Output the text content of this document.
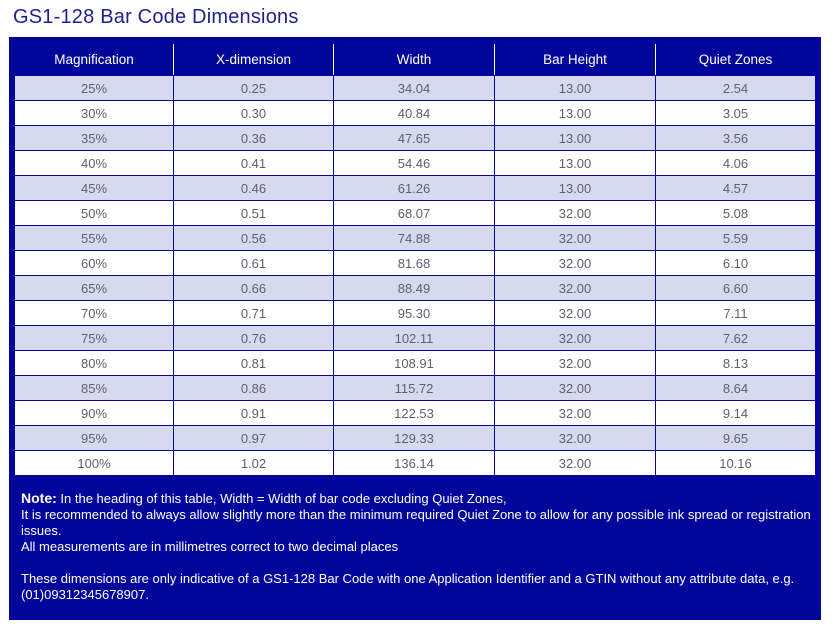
GS1-128 Bar Code Dimensions
Magnification	X-dimension	Width	Bar Height	Quiet Zones
25%	0.25	34.04	13.00	2.54
30%	0.30	40.84	13.00	3.05
35%	0.36	47.65	13.00	3.56
40%	0.41	54.46	13.00	4.06
45%	0.46	61.26	13.00	4.57
50%	0.51	68.07	32.00	5.08
55%	0.56	74.88	32.00	5.59
60%	0.61	81.68	32.00	6.10
65%	0.66	88.49	32.00	6.60
70%	0.71	95.30	32.00	7.11
75%	0.76	102.11	32.00	7.62
80%	0.81	108.91	32.00	8.13
85%	0.86	115.72	32.00	8.64
90%	0.91	122.53	32.00	9.14
95%	0.97	129.33	32.00	9.65
100%	1.02	136.14	32.00	10.16

Note: In the heading of this table, Width = Width of bar code excluding Quiet Zones,

It is recommended to always allow slightly more than the minimum required Quiet Zone to allow for any possible ink spread or registration issues.

All measurements are in millimetres correct to two decimal places

These dimensions are only indicative of a GS1-128 Bar Code with one Application Identifier and a GTIN without any attribute data, e.g. (01)09312345678907.
